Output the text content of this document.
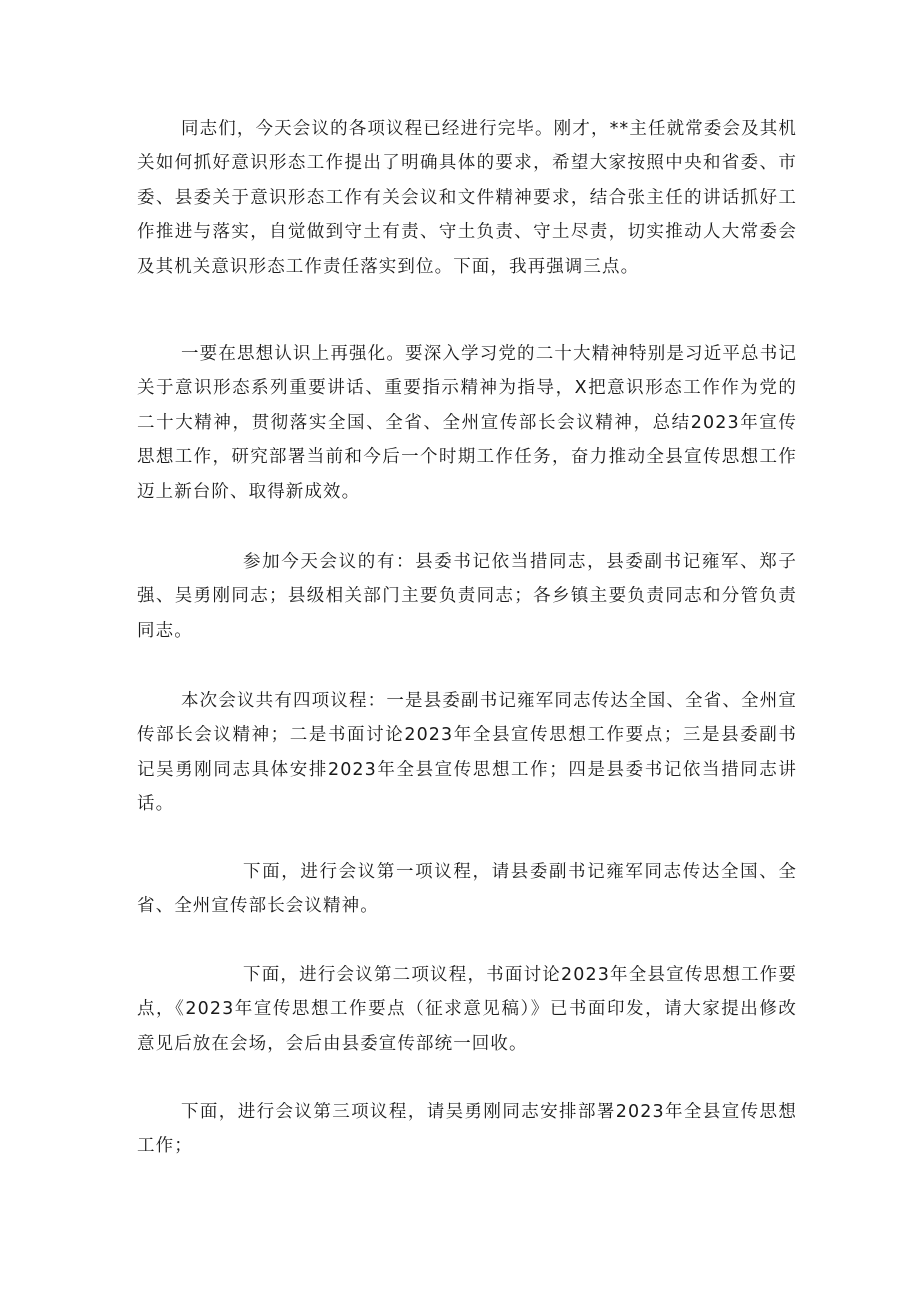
同志们，今天会议的各项议程已经进行完毕。刚才，**主任就常委会及其机关如何抓好意识形态工作提出了明确具体的要求，希望大家按照中央和省委、市委、县委关于意识形态工作有关会议和文件精神要求，结合张主任的讲话抓好工作推进与落实，自觉做到守土有责、守土负责、守土尽责，切实推动人大常委会及其机关意识形态工作责任落实到位。下面，我再强调三点。

一要在思想认识上再强化。要深入学习党的二十大精神特别是习近平总书记关于意识形态系列重要讲话、重要指示精神为指导，X把意识形态工作作为党的二十大精神，贯彻落实全国、全省、全州宣传部长会议精神，总结2023年宣传思想工作，研究部署当前和今后一个时期工作任务，奋力推动全县宣传思想工作迈上新台阶、取得新成效。

参加今天会议的有：县委书记依当措同志，县委副书记雍军、郑子强、吴勇刚同志；县级相关部门主要负责同志；各乡镇主要负责同志和分管负责同志。

本次会议共有四项议程：一是县委副书记雍军同志传达全国、全省、全州宣传部长会议精神；二是书面讨论2023年全县宣传思想工作要点；三是县委副书记吴勇刚同志具体安排2023年全县宣传思想工作；四是县委书记依当措同志讲话。

下面，进行会议第一项议程，请县委副书记雍军同志传达全国、全省、全州宣传部长会议精神。

下面，进行会议第二项议程，书面讨论2023年全县宣传思想工作要点，《2023年宣传思想工作要点（征求意见稿）》已书面印发，请大家提出修改意见后放在会场，会后由县委宣传部统一回收。

下面，进行会议第三项议程，请吴勇刚同志安排部署2023年全县宣传思想工作；
